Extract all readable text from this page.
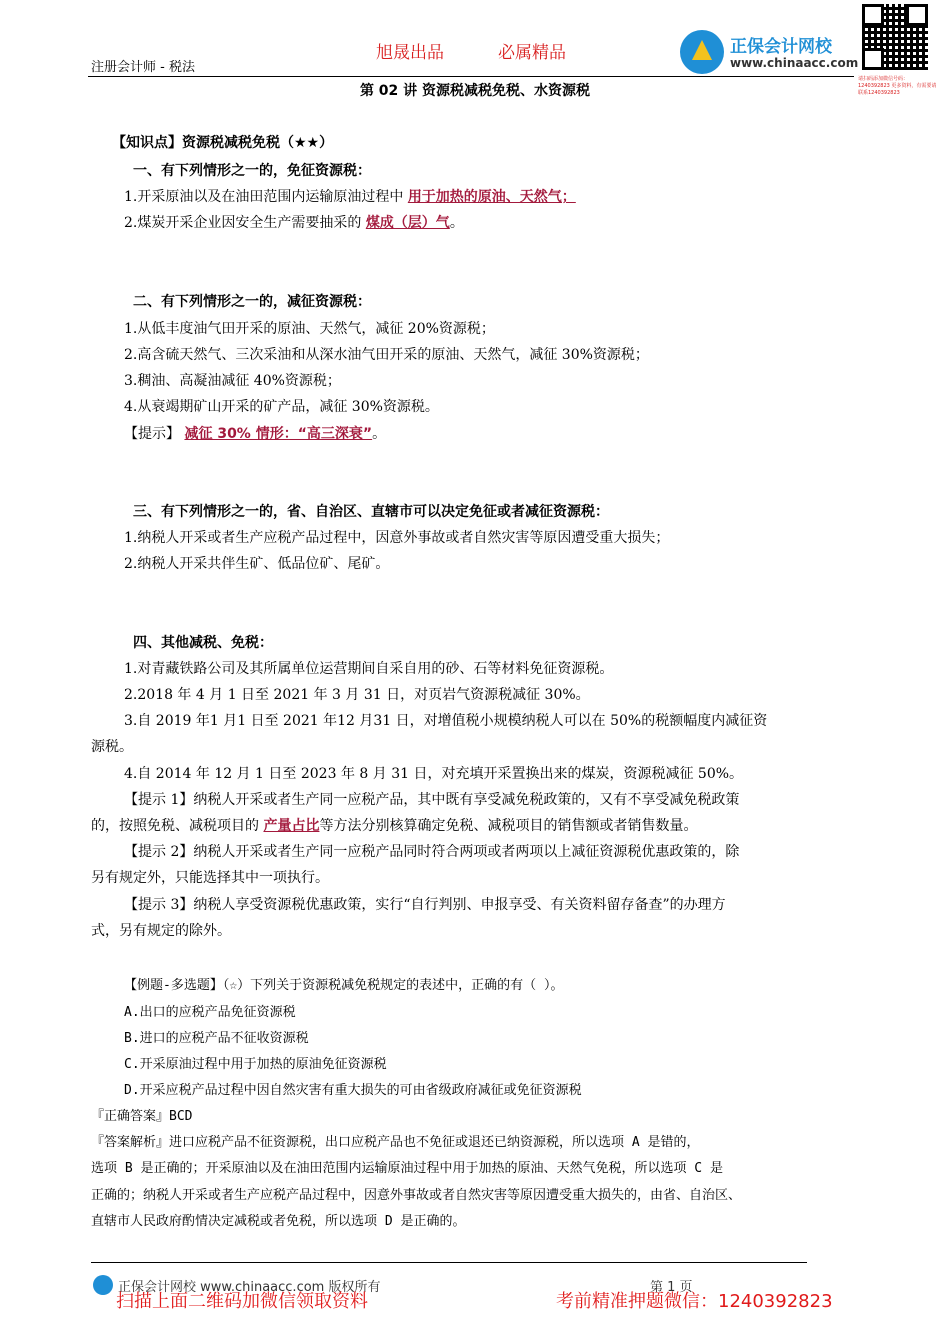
注册会计师 - 税法
旭晟出品	必属精品	正保会计网校
www.chinaacc.com
请扫码添加微信号码：1240392823 更多资料，有需要请联系1240392823
第 02 讲 资源税减税免税、水资源税
【知识点】资源税减税免税（★★）
一、有下列情形之一的，免征资源税：
1.开采原油以及在油田范围内运输原油过程中 用于加热的原油、天然气；
2.煤炭开采企业因安全生产需要抽采的 煤成（层）气。
二、有下列情形之一的，减征资源税：
1.从低丰度油气田开采的原油、天然气，减征 20%资源税；
2.高含硫天然气、三次采油和从深水油气田开采的原油、天然气，减征 30%资源税；
3.稠油、高凝油减征 40%资源税；
4.从衰竭期矿山开采的矿产品，减征 30%资源税。
【提示】 减征 30% 情形：“高三深衰”。
三、有下列情形之一的，省、自治区、直辖市可以决定免征或者减征资源税：
1.纳税人开采或者生产应税产品过程中，因意外事故或者自然灾害等原因遭受重大损失；
2.纳税人开采共伴生矿、低品位矿、尾矿。
四、其他减税、免税：
1.对青藏铁路公司及其所属单位运营期间自采自用的砂、石等材料免征资源税。
2.2018 年 4 月 1 日至 2021 年 3 月 31 日，对页岩气资源税减征 30%。
3.自 2019 年1 月1 日至 2021 年12 月31 日，对增值税小规模纳税人可以在 50%的税额幅度内减征资
源税。
4.自 2014 年 12 月 1 日至 2023 年 8 月 31 日，对充填开采置换出来的煤炭，资源税减征 50%。
【提示 1】纳税人开采或者生产同一应税产品，其中既有享受减免税政策的，又有不享受减免税政策
的，按照免税、减税项目的 产量占比等方法分别核算确定免税、减税项目的销售额或者销售数量。
【提示 2】纳税人开采或者生产同一应税产品同时符合两项或者两项以上减征资源税优惠政策的，除
另有规定外，只能选择其中一项执行。
【提示 3】纳税人享受资源税优惠政策，实行“自行判别、申报享受、有关资料留存备查”的办理方
式，另有规定的除外。
【例题-多选题】（☆）下列关于资源税减免税规定的表述中，正确的有（ ）。
A.出口的应税产品免征资源税
B.进口的应税产品不征收资源税
C.开采原油过程中用于加热的原油免征资源税
D.开采应税产品过程中因自然灾害有重大损失的可由省级政府减征或免征资源税
『正确答案』BCD
『答案解析』进口应税产品不征资源税，出口应税产品也不免征或退还已纳资源税，所以选项 A 是错的，
选项 B 是正确的；开采原油以及在油田范围内运输原油过程中用于加热的原油、天然气免税，所以选项 C 是
正确的；纳税人开采或者生产应税产品过程中，因意外事故或者自然灾害等原因遭受重大损失的，由省、自治区、
直辖市人民政府酌情决定减税或者免税，所以选项 D 是正确的。
正保会计网校 www.chinaacc.com 版权所有	第 1 页
扫描上面二维码加微信领取资料	考前精准押题微信：1240392823
